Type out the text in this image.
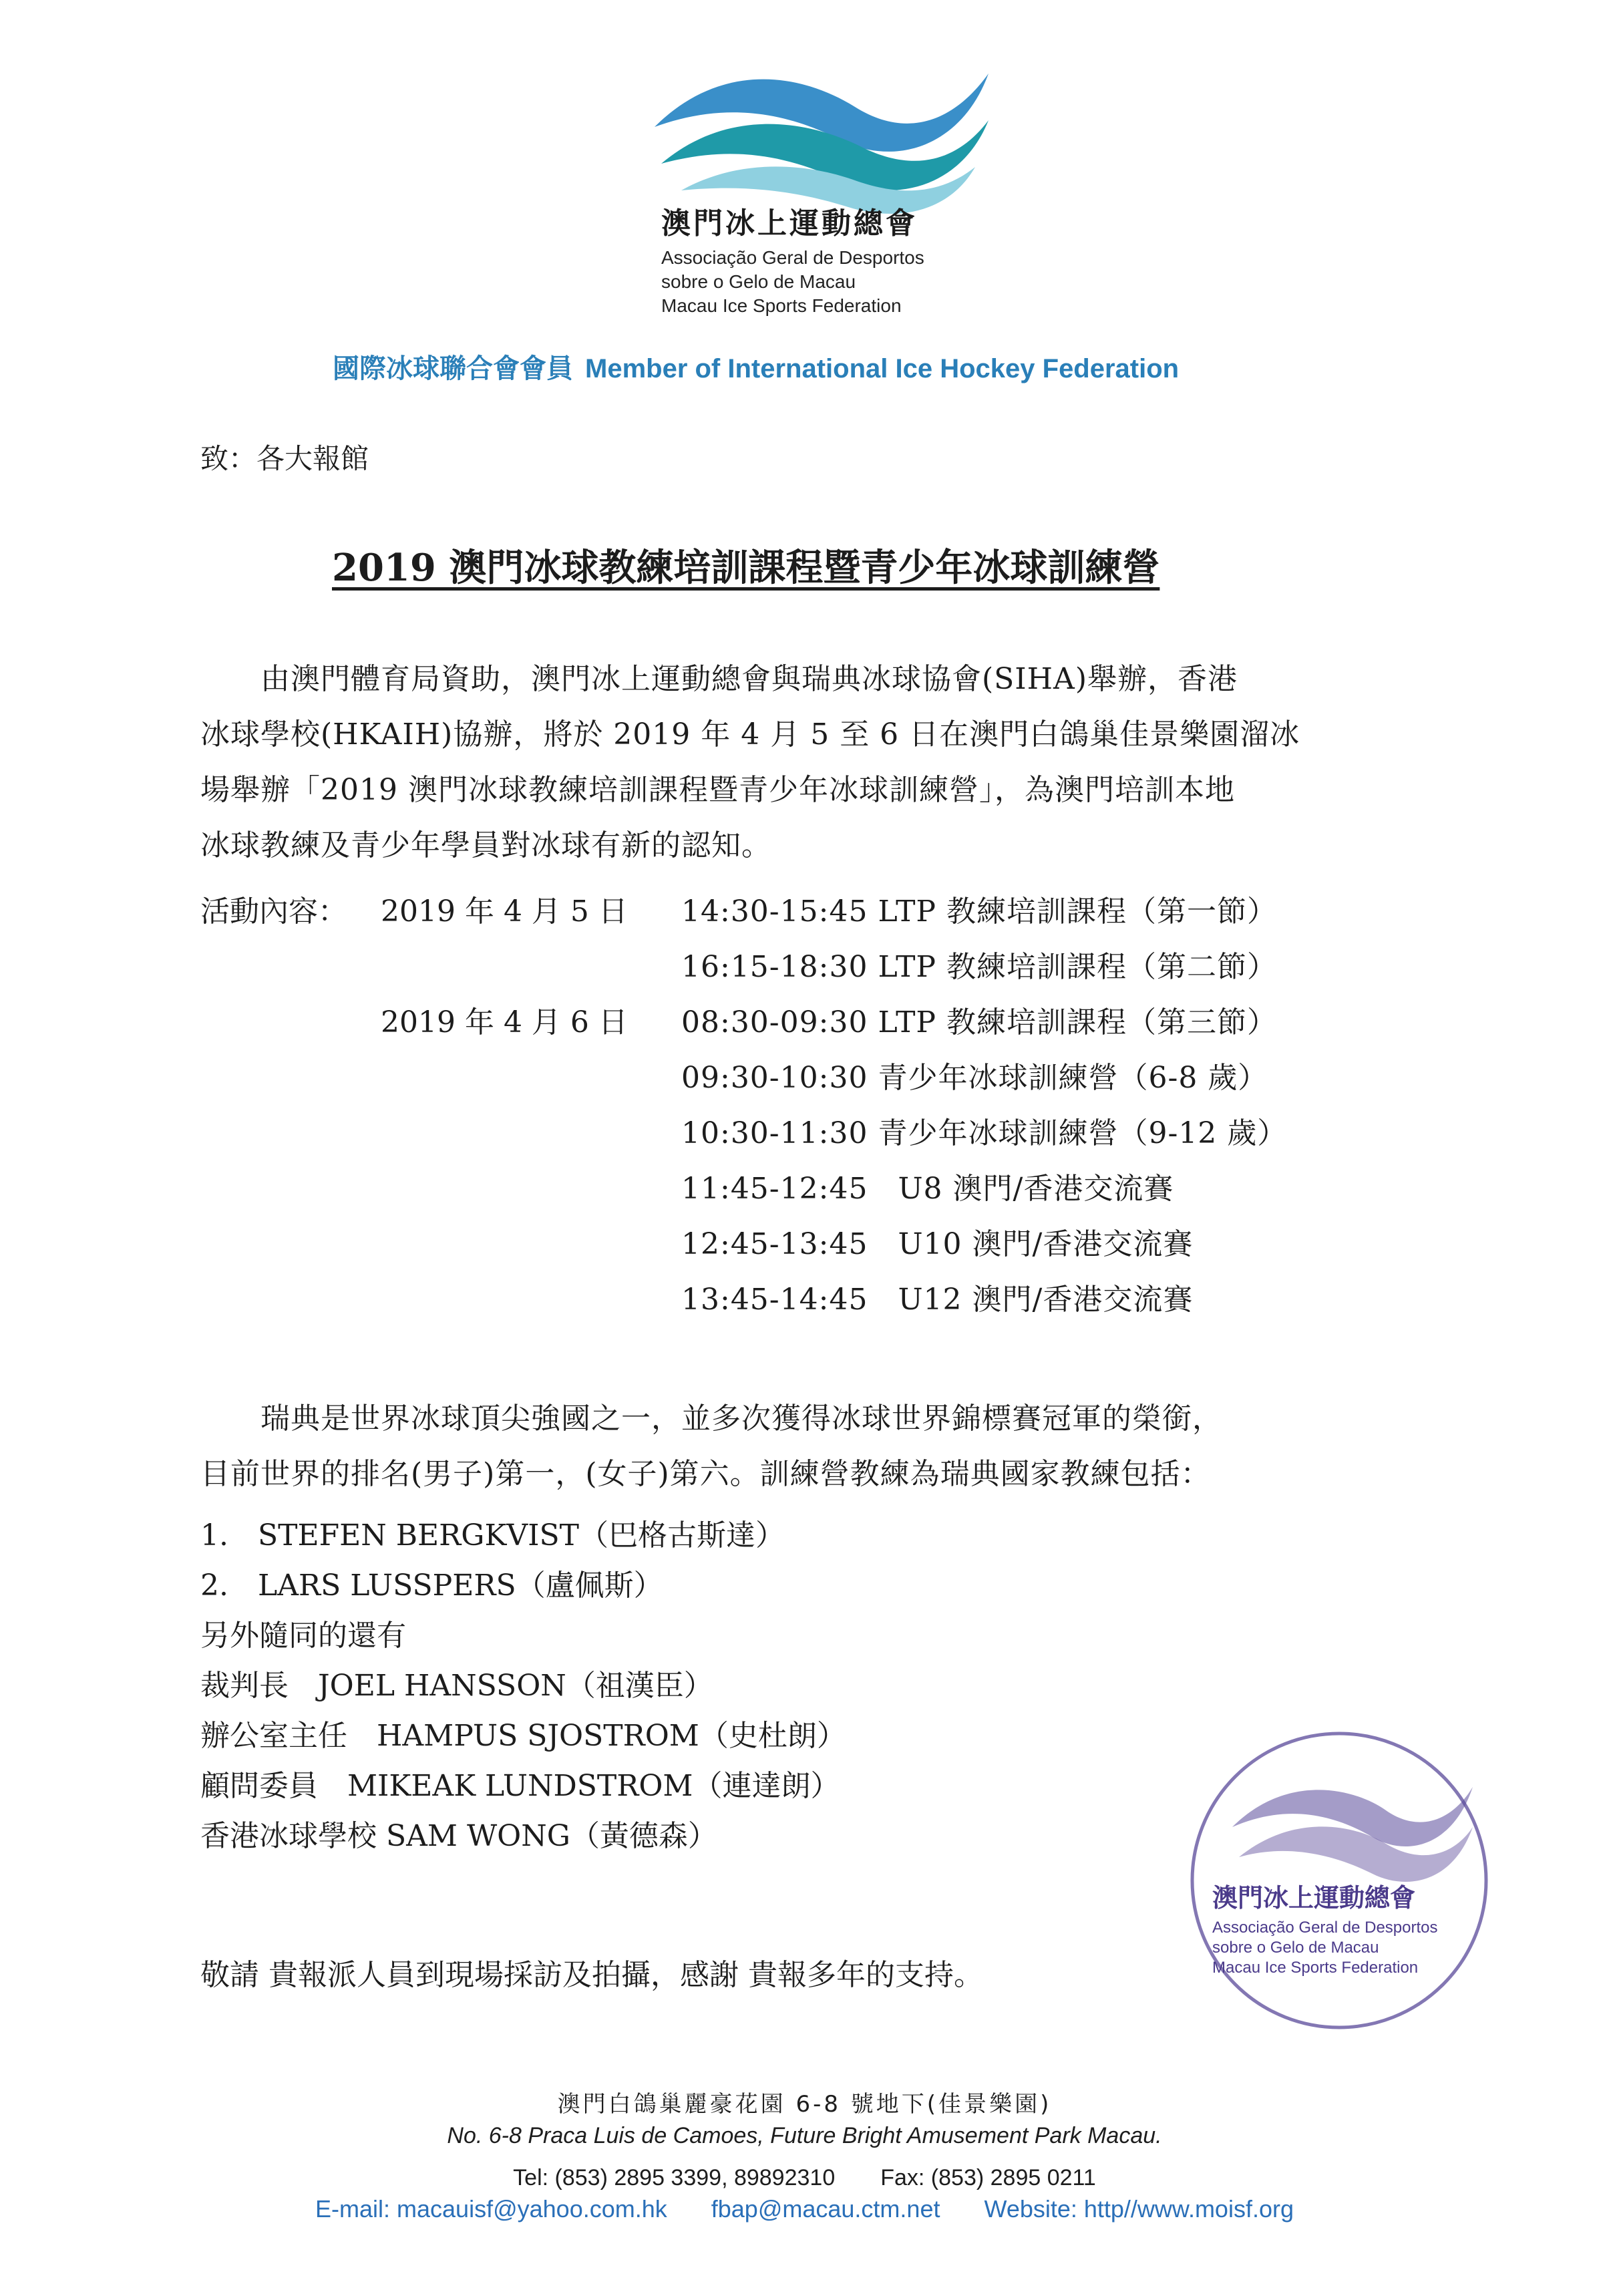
澳門冰上運動總會
Associação Geral de Desportos
sobre o Gelo de Macau
Macau Ice Sports Federation
國際冰球聯合會會員 Member of International Ice Hockey Federation
致：各大報館
2019 澳門冰球教練培訓課程暨青少年冰球訓練營
　　由澳門體育局資助，澳門冰上運動總會與瑞典冰球協會(SIHA)舉辦，香港
冰球學校(HKAIH)協辦，將於 2019 年 4 月 5 至 6 日在澳門白鴿巢佳景樂園溜冰
場舉辦「2019 澳門冰球教練培訓課程暨青少年冰球訓練營」，為澳門培訓本地
冰球教練及青少年學員對冰球有新的認知。
活動內容： 2019 年 4 月 5 日 14:30-15:45 LTP 教練培訓課程（第一節）
16:15-18:30 LTP 教練培訓課程（第二節）
2019 年 4 月 6 日 08:30-09:30 LTP 教練培訓課程（第三節）
09:30-10:30 青少年冰球訓練營（6-8 歲）
10:30-11:30 青少年冰球訓練營（9-12 歲）
11:45-12:45　U8 澳門/香港交流賽
12:45-13:45　U10 澳門/香港交流賽
13:45-14:45　U12 澳門/香港交流賽
　　瑞典是世界冰球頂尖強國之一，並多次獲得冰球世界錦標賽冠軍的榮銜，
目前世界的排名(男子)第一，(女子)第六。訓練營教練為瑞典國家教練包括：
1.　STEFEN BERGKVIST（巴格古斯達）
2.　LARS LUSSPERS（盧佩斯）
另外隨同的還有
裁判長　JOEL HANSSON（祖漢臣）
辦公室主任　HAMPUS SJOSTROM（史杜朗）
顧問委員　MIKEAK LUNDSTROM（連達朗）
香港冰球學校 SAM WONG（黃德森）
澳門冰上運動總會
Associação Geral de Desportos
sobre o Gelo de Macau
Macau Ice Sports Federation
敬請 貴報派人員到現場採訪及拍攝，感謝 貴報多年的支持。
澳門白鴿巢麗豪花園 6-8 號地下(佳景樂園)
No. 6-8 Praca Luis de Camoes, Future Bright Amusement Park Macau.
Tel: (853) 2895 3399, 89892310　　Fax: (853) 2895 0211
E-mail: macauisf@yahoo.com.hk fbap@macau.ctm.net Website: http//www.moisf.org
